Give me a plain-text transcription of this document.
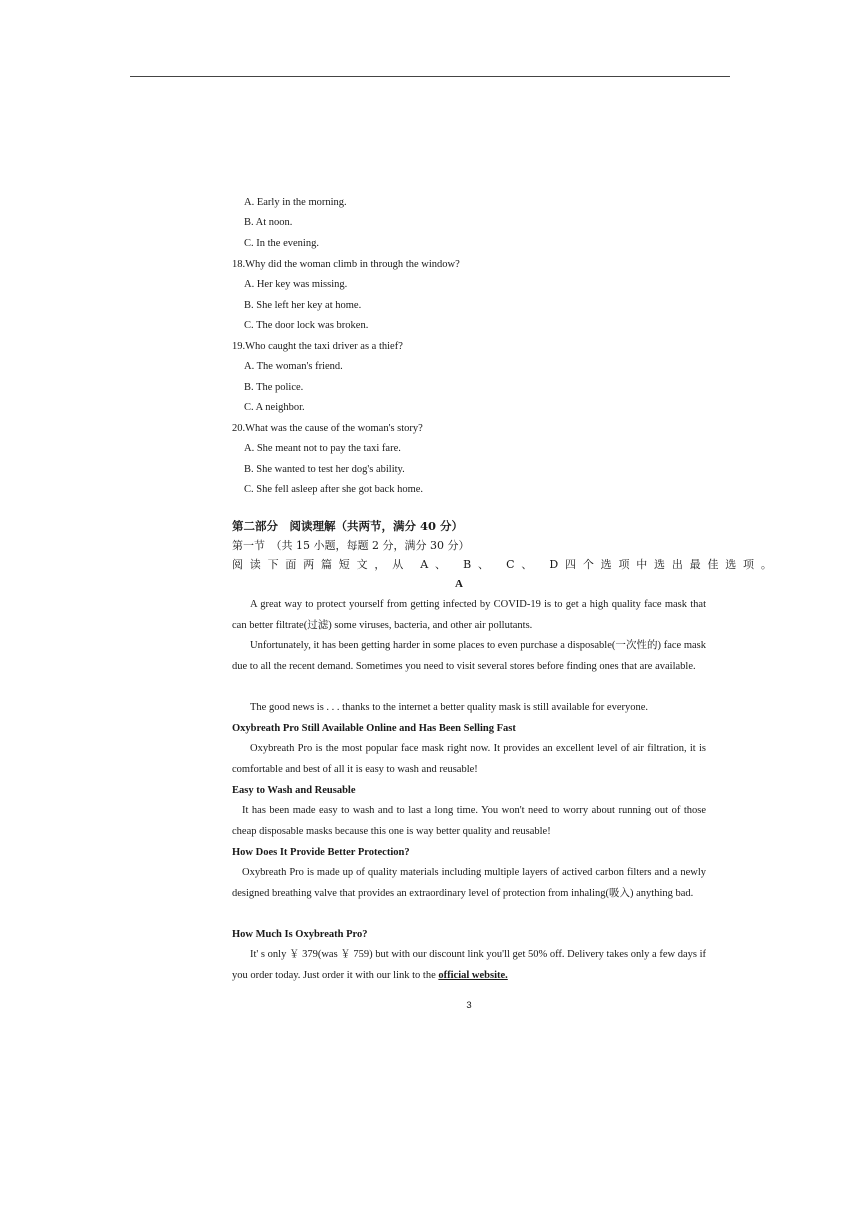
A. Early in the morning.
B. At noon.
C. In the evening.
18.Why did the woman climb in through the window?
A. Her key was missing.
B. She left her key at home.
C. The door lock was broken.
19.Who caught the taxi driver as a thief?
A. The woman's friend.
B. The police.
C. A neighbor.
20.What was the cause of the woman's story?
A. She meant not to pay the taxi fare.
B. She wanted to test her dog's ability.
C. She fell asleep after she got back home.
第二部分　阅读理解（共两节，满分 40 分）
第一节　（共 15 小题，每题 2 分，满分 30 分）
阅读下面两篇短文，从 A、 B、 C、 D四个选项中选出最佳选项。
A
A great way to protect yourself from getting infected by COVID-19 is to get a high quality face mask that can better filtrate(过滤) some viruses, bacteria, and other air pollutants.
Unfortunately, it has been getting harder in some places to even purchase a disposable(一次性的) face mask due to all the recent demand. Sometimes you need to visit several stores before finding ones that are available.
The good news is . . . thanks to the internet a better quality mask is still available for everyone.
Oxybreath Pro Still Available Online and Has Been Selling Fast
Oxybreath Pro is the most popular face mask right now. It provides an excellent level of air filtration, it is comfortable and best of all it is easy to wash and reusable!
Easy to Wash and Reusable
It has been made easy to wash and to last a long time. You won't need to worry about running out of those cheap disposable masks because this one is way better quality and reusable!
How Does It Provide Better Protection?
Oxybreath Pro is made up of quality materials including multiple layers of actived carbon filters and a newly designed breathing valve that provides an extraordinary level of protection from inhaling(吸入) anything bad.
How Much Is Oxybreath Pro?
It' s only ￥ 379(was ￥ 759) but with our discount link you'll get 50% off. Delivery takes only a few days if you order today. Just order it with our link to the official website.
3
